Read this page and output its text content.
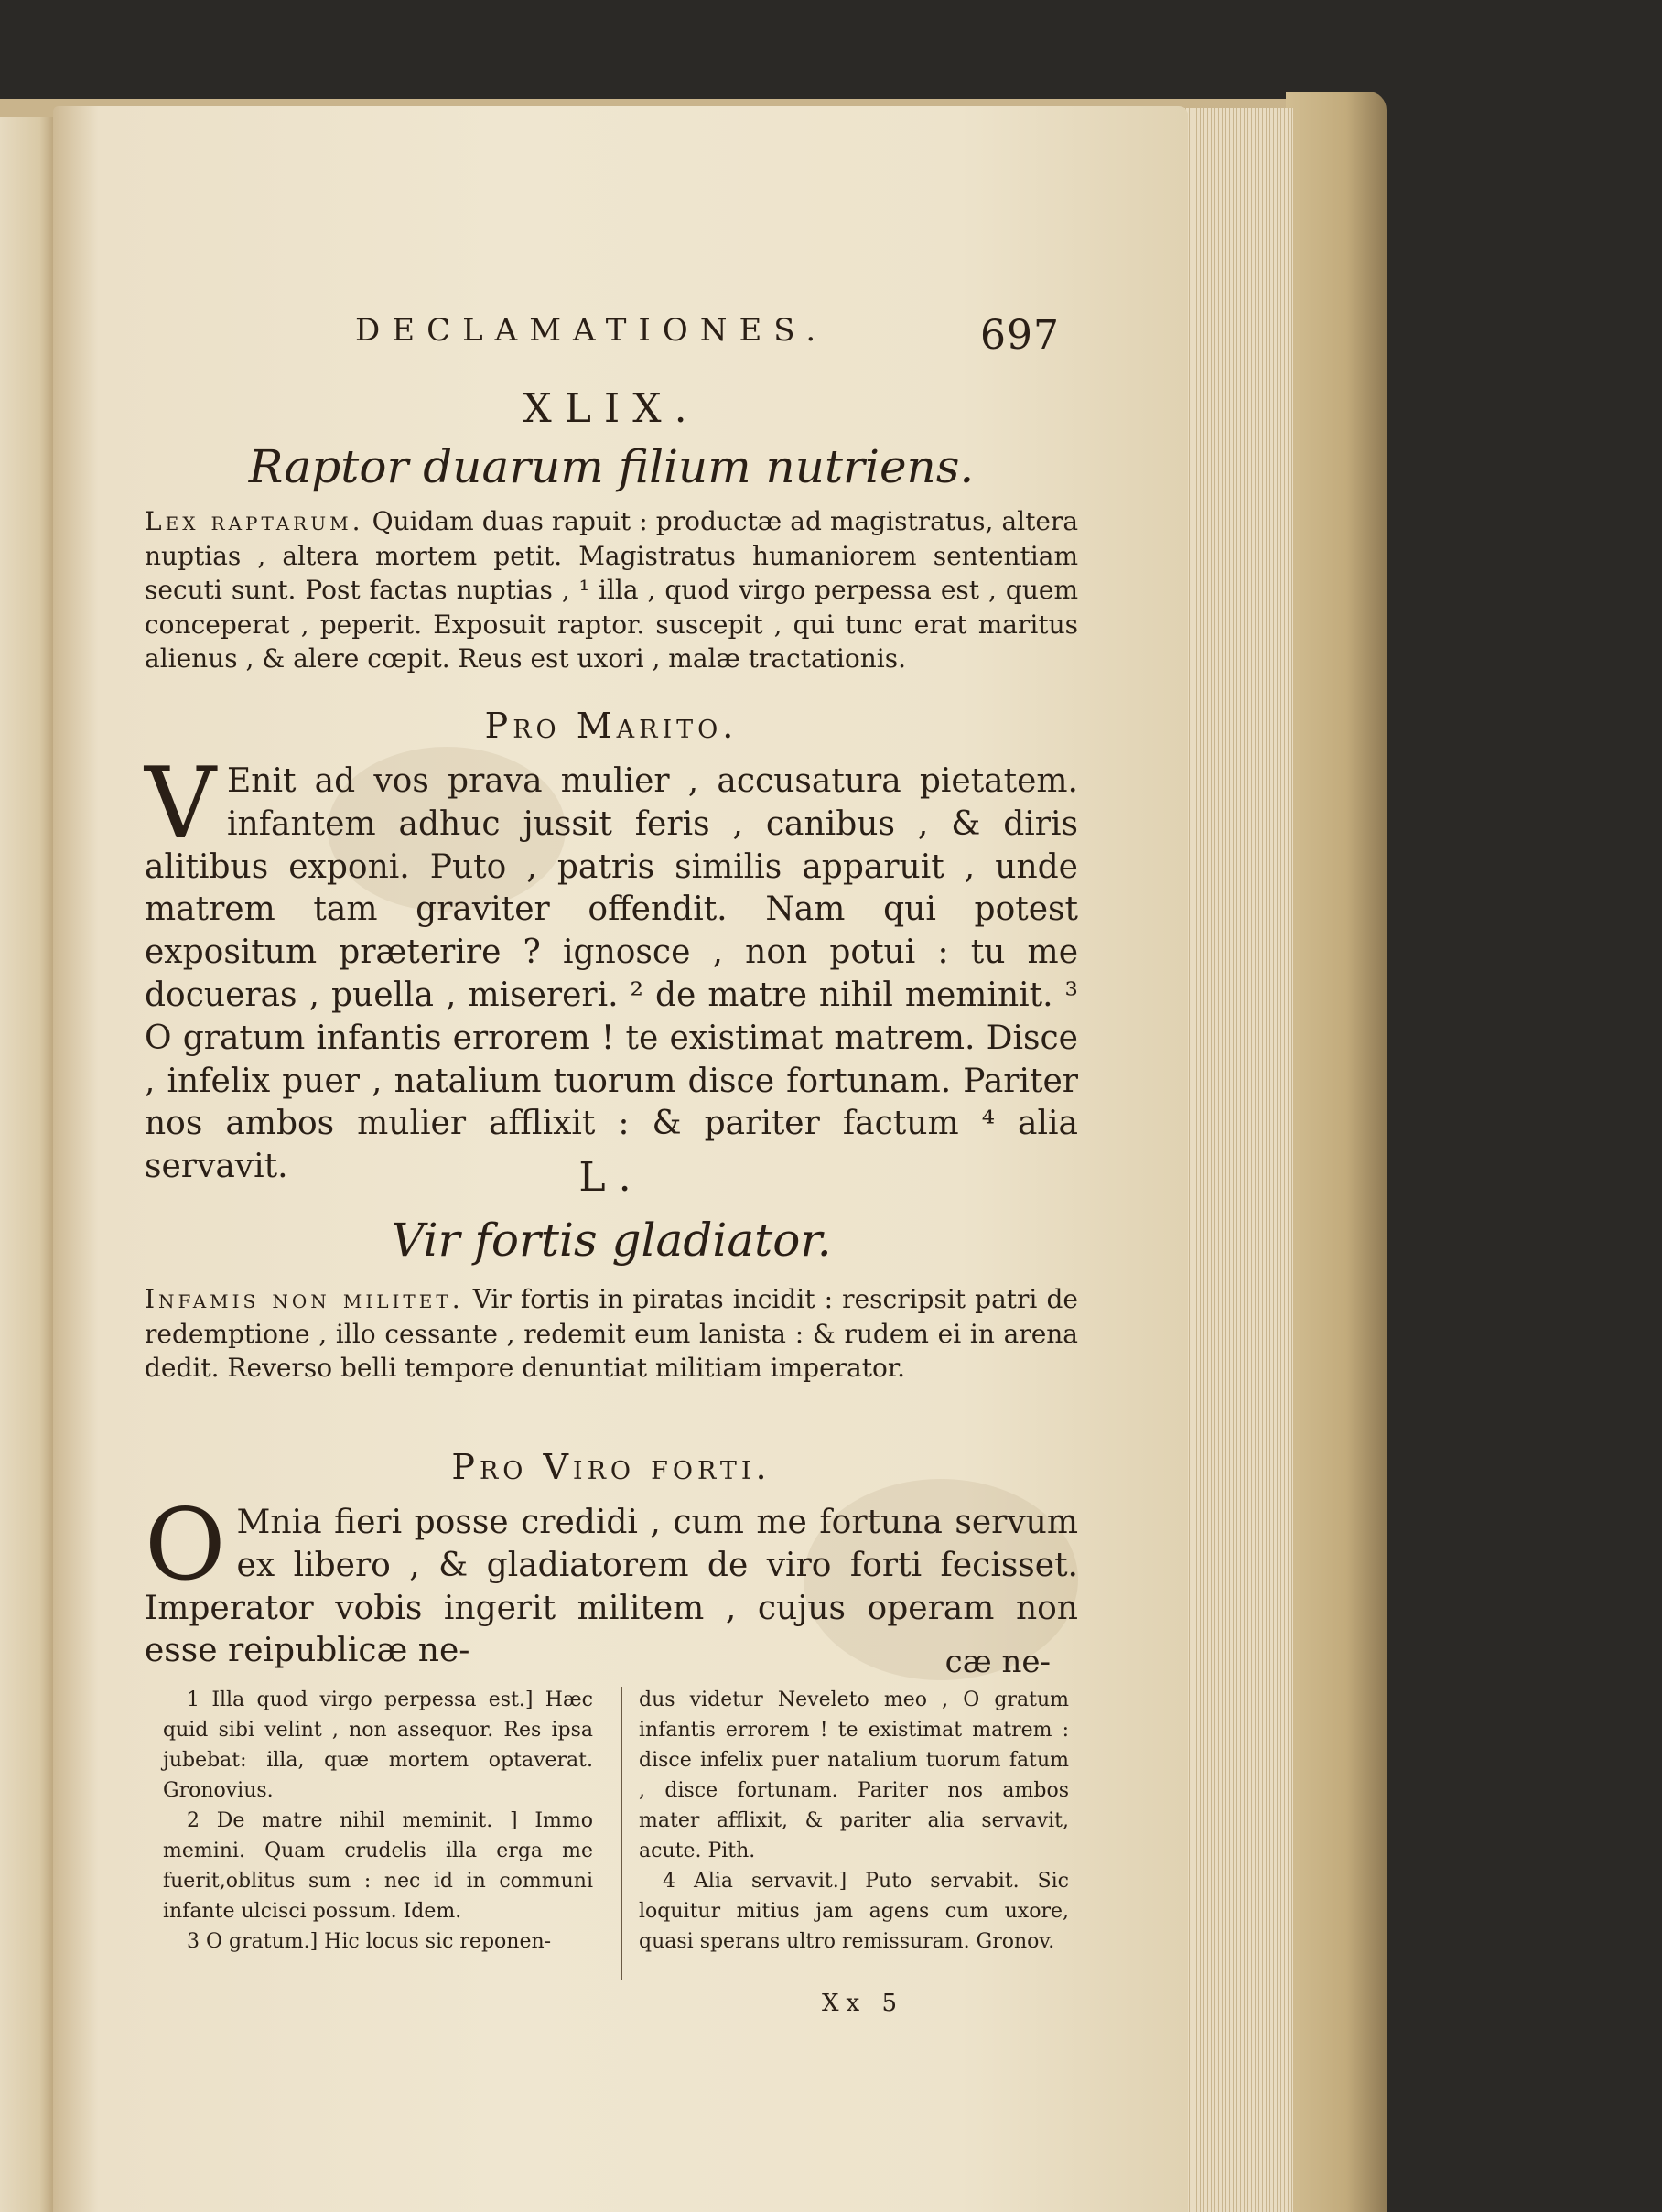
DECLAMATIONES.	697
XLIX.
Raptor duarum filium nutriens.
Lex raptarum. Quidam duas rapuit : productæ ad magistratus, altera nuptias , altera mortem petit. Magistratus humaniorem sententiam secuti sunt. Post factas nuptias , ¹ illa , quod virgo perpessa est , quem conceperat , peperit. Exposuit raptor. suscepit , qui tunc erat maritus alienus , & alere cœpit. Reus est uxori , malæ tractationis.
Pro Marito.
V Enit ad vos prava mulier , accusatura pietatem. infantem adhuc jussit feris , canibus , & diris alitibus exponi. Puto , patris similis apparuit , unde matrem tam graviter offendit. Nam qui potest expositum præterire ? ignosce , non potui : tu me docueras , puella , misereri. ² de matre nihil meminit. ³ O gratum infantis errorem ! te existimat matrem. Disce , infelix puer , natalium tuorum disce fortunam. Pariter nos ambos mulier afflixit : & pariter factum ⁴ alia servavit.	L.
Vir fortis gladiator.
Infamis non militet. Vir fortis in piratas incidit : rescripsit patri de redemptione , illo cessante , redemit eum lanista : & rudem ei in arena dedit. Reverso belli tempore denuntiat militiam imperator.
Pro Viro forti.
O Mnia fieri posse credidi , cum me fortuna servum ex libero , & gladiatorem de viro forti fecisset. Imperator vobis ingerit militem , cujus operam non esse reipublicæ ne-	cæ ne-

1 Illa quod virgo perpessa est.] Hæc quid sibi velint , non assequor. Res ipsa jubebat: illa, quæ mortem optaverat. Gronovius.

2 De matre nihil meminit. ] Immo memini. Quam crudelis illa erga me fuerit,oblitus sum : nec id in communi infante ulcisci possum. Idem.

3 O gratum.] Hic locus sic reponen-

dus videtur Neveleto meo , O gratum infantis errorem ! te existimat matrem : disce infelix puer natalium tuorum fatum , disce fortunam. Pariter nos ambos mater afflixit, & pariter alia servavit, acute. Pith.

4 Alia servavit.] Puto servabit. Sic loquitur mitius jam agens cum uxore, quasi sperans ultro remissuram. Gronov.

Xx 5
